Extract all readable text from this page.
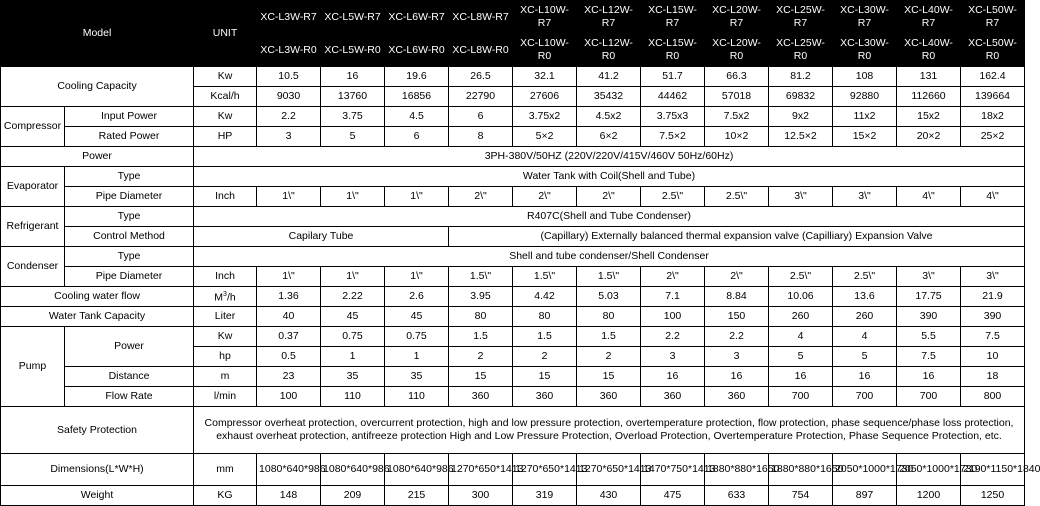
Model		UNIT	XC-L3W-R7	XC-L5W-R7	XC-L6W-R7	XC-L8W-R7	XC-L10W-R7	XC-L12W-R7	XC-L15W-R7	XC-L20W-R7	XC-L25W-R7	XC-L30W-R7	XC-L40W-R7	XC-L50W-R7
			XC-L3W-R0	XC-L5W-R0	XC-L6W-R0	XC-L8W-R0	XC-L10W-R0	XC-L12W-R0	XC-L15W-R0	XC-L20W-R0	XC-L25W-R0	XC-L30W-R0	XC-L40W-R0	XC-L50W-R0
Cooling Capacity		Kw	10.5	16	19.6	26.5	32.1	41.2	51.7	66.3	81.2	108	131	162.4
		Kcal/h	9030	13760	16856	22790	27606	35432	44462	57018	69832	92880	112660	139664
Compressor	Input Power	Kw	2.2	3.75	4.5	6	3.75x2	4.5x2	3.75x3	7.5x2	9x2	11x2	15x2	18x2
	Rated Power	HP	3	5	6	8	5×2	6×2	7.5×2	10×2	12.5×2	15×2	20×2	25×2
Power		3PH-380V/50HZ (220V/220V/415V/460V 50Hz/60Hz)												
Evaporator	Type	Water Tank with Coil(Shell and Tube)												
	Pipe Diameter	Inch	1\"	1\"	1\"	2\"	2\"	2\"	2.5\"	2.5\"	3\"	3\"	4\"	4\"
Refrigerant	Type	R407C(Shell and Tube Condenser)												
	Control Method	Capilary Tube				(Capillary) Externally balanced thermal expansion valve (Capilliary) Expansion Valve								
Condenser	Type	Shell and tube condenser/Shell Condenser												
	Pipe Diameter	Inch	1\"	1\"	1\"	1.5\"	1.5\"	1.5\"	2\"	2\"	2.5\"	2.5\"	3\"	3\"
Cooling water flow		$M^3/h$	1.36	2.22	2.6	3.95	4.42	5.03	7.1	8.84	10.06	13.6	17.75	21.9
Water Tank Capacity		Liter	40	45	45	80	80	80	100	150	260	260	390	390
Pump	Power	Kw	0.37	0.75	0.75	1.5	1.5	1.5	2.2	2.2	4	4	5.5	7.5
		hp	0.5	1	1	2	2	2	3	3	5	5	7.5	10
	Distance	m	23	35	35	15	15	15	16	16	16	16	16	18
	Flow Rate	l/min	100	110	110	360	360	360	360	360	700	700	700	800
Safety Protection		Compressor overheat protection, overcurrent protection, high and low pressure protection, overtemperature protection, flow protection, phase sequence/phase loss protection, exhaust overheat protection, antifreeze protection High and Low Pressure Protection, Overload Protection, Overtemperature Protection, Phase Sequence Protection, etc.												
Dimensions(L*W*H)		mm	1080*640*986	1080*640*986	1080*640*986	1270*650*1413	1270*650*1413	1270*650*1413	1470*750*1413	1880*880*1650	1880*880*1650	2050*1000*1730	2050*1000*1730	2190*1150*1840
Weight		KG	148	209	215	300	319	430	475	633	754	897	1200	1250
